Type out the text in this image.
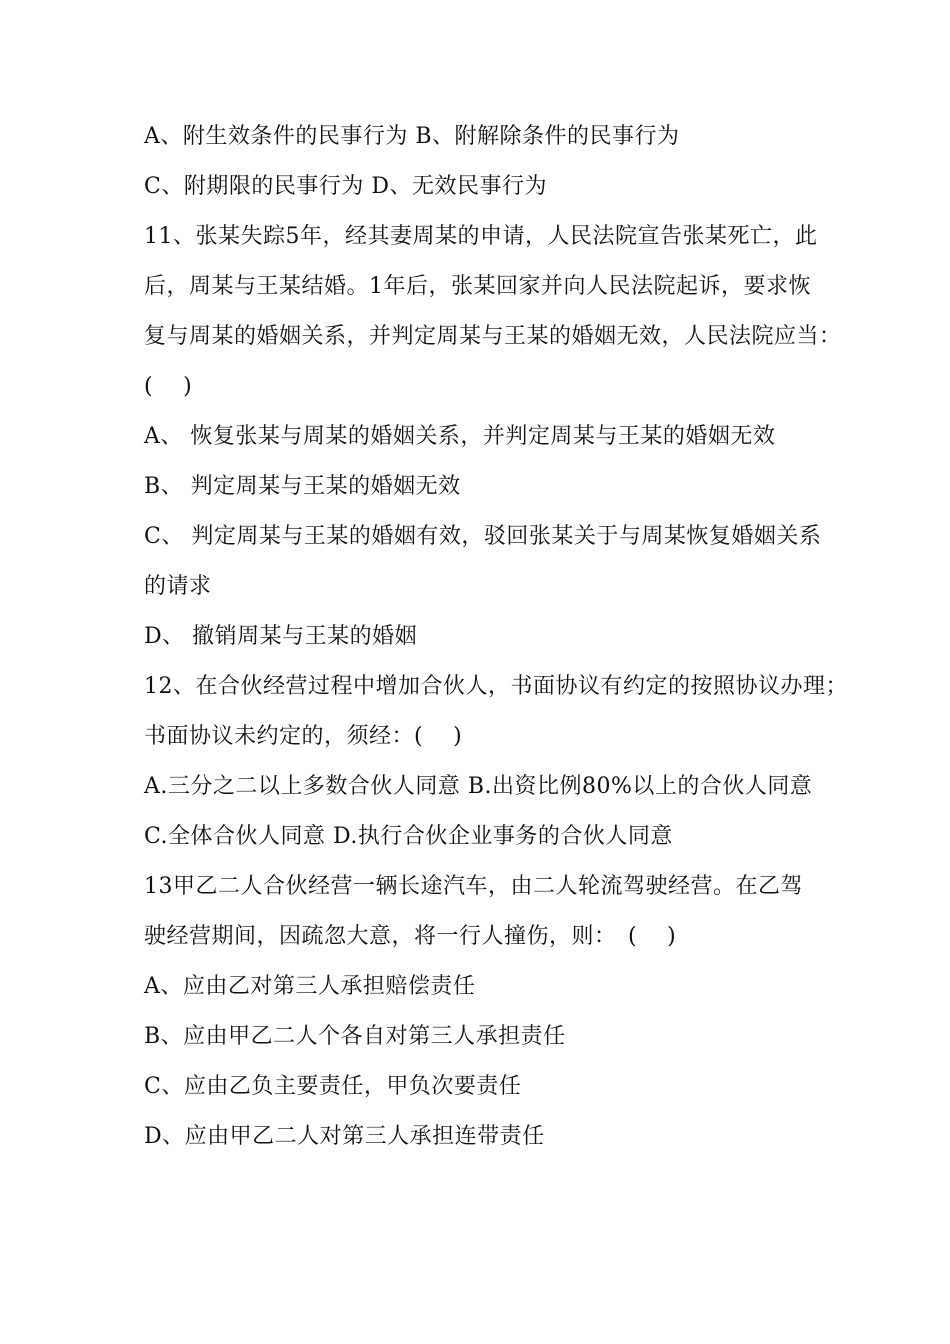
A、附生效条件的民事行为 B、附解除条件的民事行为
C、附期限的民事行为 D、无效民事行为
11、张某失踪5年，经其妻周某的申请，人民法院宣告张某死亡，此
后，周某与王某结婚。1年后，张某回家并向人民法院起诉，要求恢
复与周某的婚姻关系，并判定周某与王某的婚姻无效，人民法院应当：
(　 )
A、 恢复张某与周某的婚姻关系，并判定周某与王某的婚姻无效
B、 判定周某与王某的婚姻无效
C、 判定周某与王某的婚姻有效，驳回张某关于与周某恢复婚姻关系
的请求
D、 撤销周某与王某的婚姻
12、在合伙经营过程中增加合伙人，书面协议有约定的按照协议办理；
书面协议未约定的，须经：(　 )
A.三分之二以上多数合伙人同意 B.出资比例80%以上的合伙人同意
C.全体合伙人同意 D.执行合伙企业事务的合伙人同意
13甲乙二人合伙经营一辆长途汽车，由二人轮流驾驶经营。在乙驾
驶经营期间，因疏忽大意，将一行人撞伤，则：　(　 )
A、应由乙对第三人承担赔偿责任
B、应由甲乙二人个各自对第三人承担责任
C、应由乙负主要责任，甲负次要责任
D、应由甲乙二人对第三人承担连带责任
